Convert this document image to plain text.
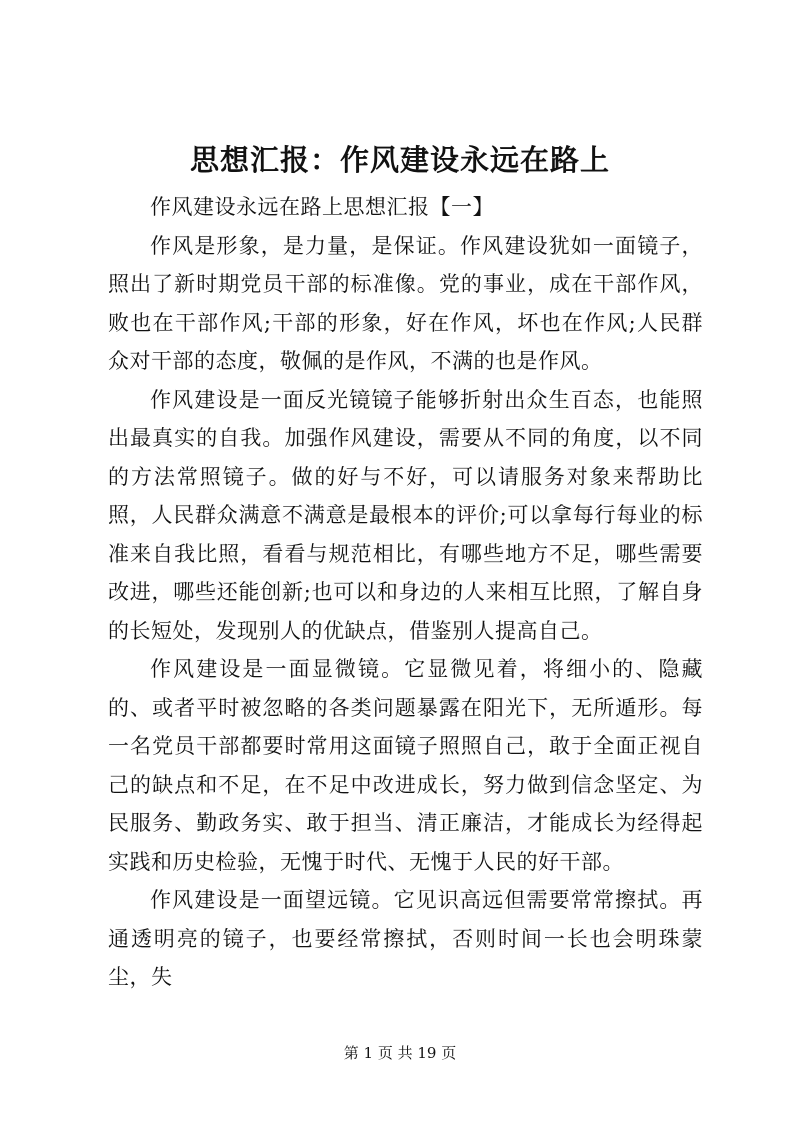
思想汇报：作风建设永远在路上

作风建设永远在路上思想汇报【一】

作风是形象，是力量，是保证。作风建设犹如一面镜子，照出了新时期党员干部的标准像。党的事业，成在干部作风，败也在干部作风;干部的形象，好在作风，坏也在作风;人民群众对干部的态度，敬佩的是作风，不满的也是作风。

作风建设是一面反光镜镜子能够折射出众生百态，也能照出最真实的自我。加强作风建设，需要从不同的角度，以不同的方法常照镜子。做的好与不好，可以请服务对象来帮助比照，人民群众满意不满意是最根本的评价;可以拿每行每业的标准来自我比照，看看与规范相比，有哪些地方不足，哪些需要改进，哪些还能创新;也可以和身边的人来相互比照，了解自身的长短处，发现别人的优缺点，借鉴别人提高自己。

作风建设是一面显微镜。它显微见着，将细小的、隐藏的、或者平时被忽略的各类问题暴露在阳光下，无所遁形。每一名党员干部都要时常用这面镜子照照自己，敢于全面正视自己的缺点和不足，在不足中改进成长，努力做到信念坚定、为民服务、勤政务实、敢于担当、清正廉洁，才能成长为经得起实践和历史检验，无愧于时代、无愧于人民的好干部。

作风建设是一面望远镜。它见识高远但需要常常擦拭。再通透明亮的镜子，也要经常擦拭，否则时间一长也会明珠蒙尘，失

第 1 页 共 19 页
